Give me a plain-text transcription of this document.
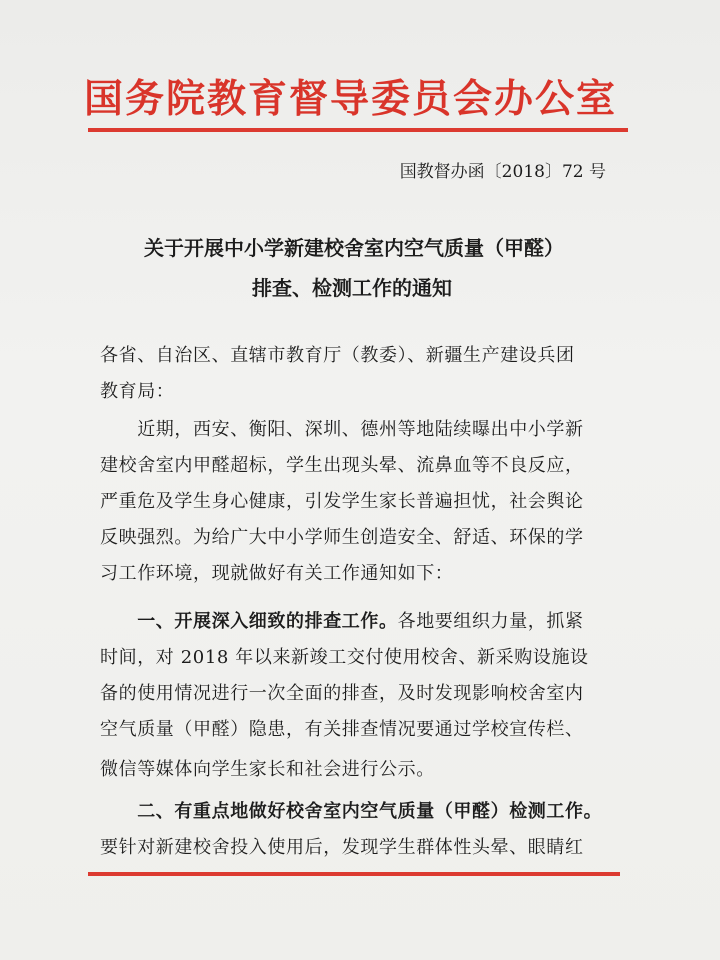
国务院教育督导委员会办公室
国教督办函〔2018〕72 号
关于开展中小学新建校舍室内空气质量（甲醛）
排查、检测工作的通知
各省、自治区、直辖市教育厅（教委）、新疆生产建设兵团
教育局：
　　近期，西安、衡阳、深圳、德州等地陆续曝出中小学新
建校舍室内甲醛超标，学生出现头晕、流鼻血等不良反应，
严重危及学生身心健康，引发学生家长普遍担忧，社会舆论
反映强烈。为给广大中小学师生创造安全、舒适、环保的学
习工作环境，现就做好有关工作通知如下：
　　一、开展深入细致的排查工作。各地要组织力量，抓紧
时间，对 2018 年以来新竣工交付使用校舍、新采购设施设
备的使用情况进行一次全面的排查，及时发现影响校舍室内
空气质量（甲醛）隐患，有关排查情况要通过学校宣传栏、
微信等媒体向学生家长和社会进行公示。
　　二、有重点地做好校舍室内空气质量（甲醛）检测工作。
要针对新建校舍投入使用后，发现学生群体性头晕、眼睛红
